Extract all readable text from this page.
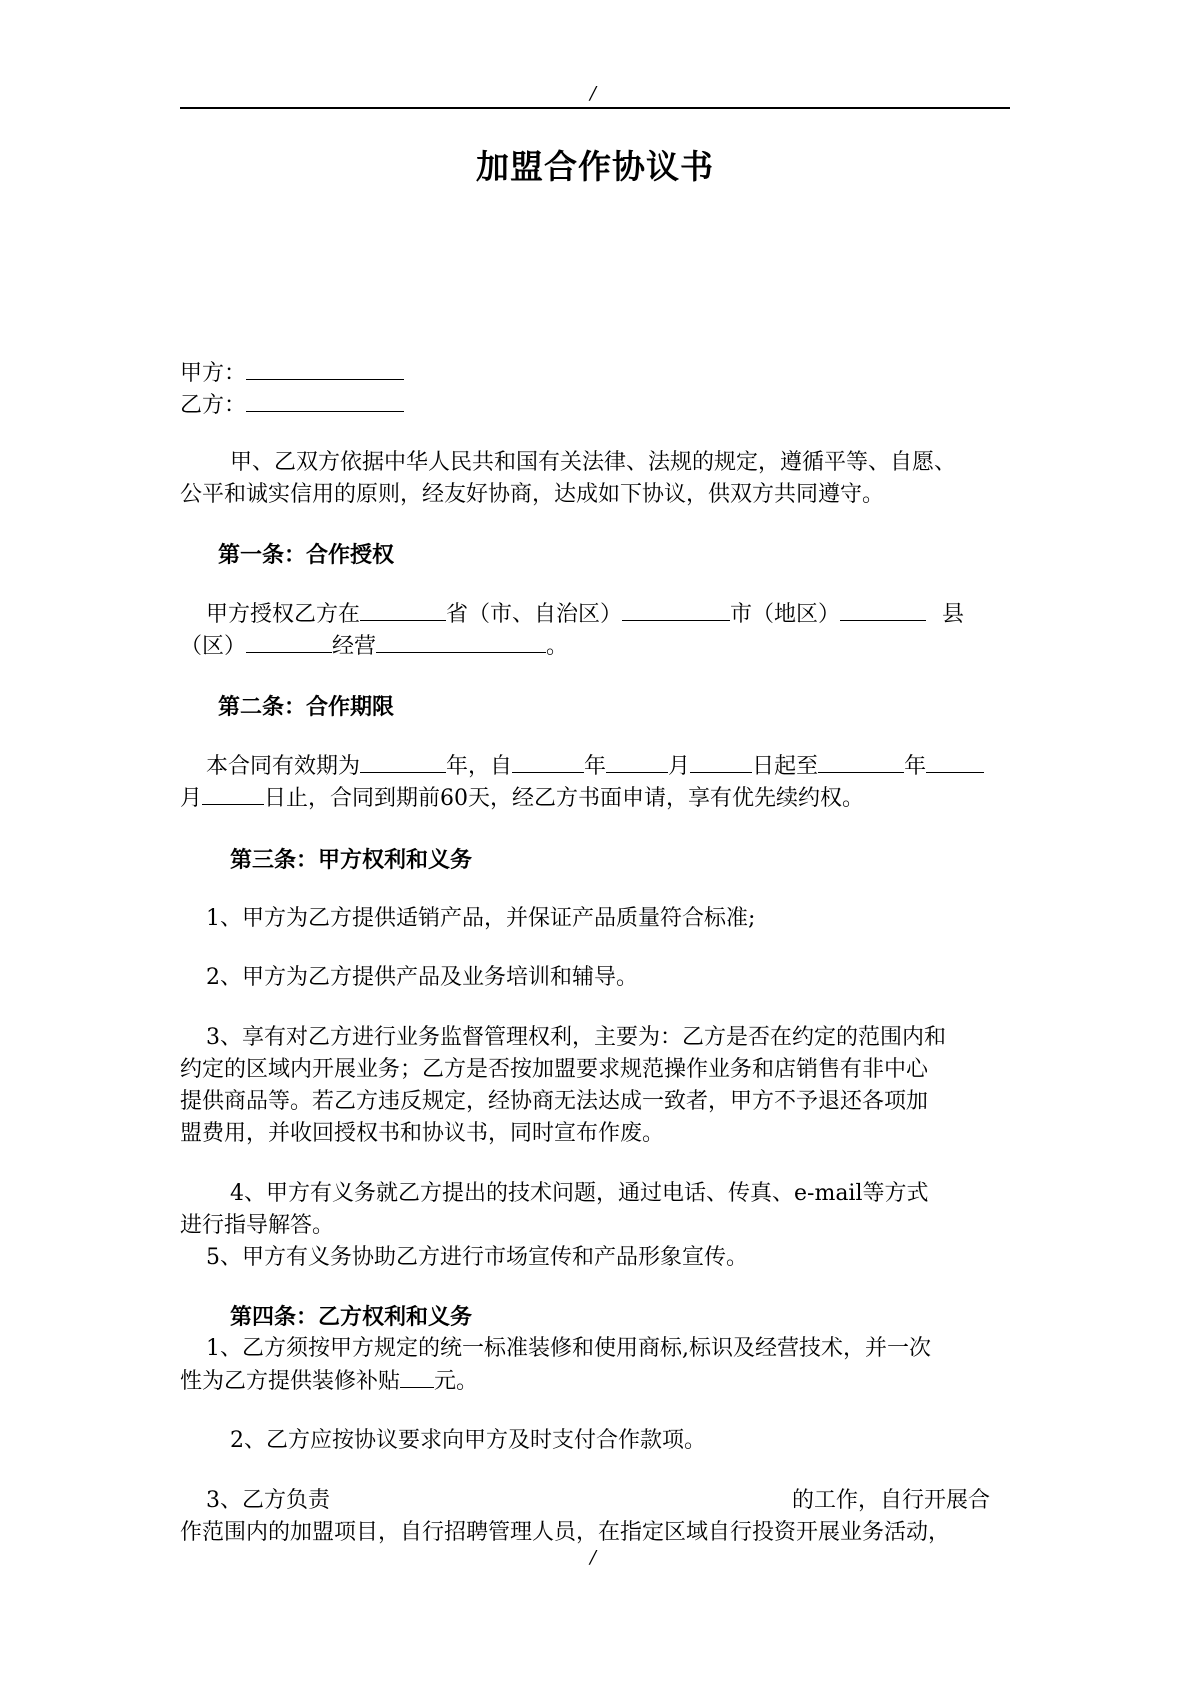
/
加盟合作协议书
甲方：
乙方：
甲、乙双方依据中华人民共和国有关法律、法规的规定，遵循平等、自愿、
公平和诚实信用的原则，经友好协商，达成如下协议，供双方共同遵守。
第一条：合作授权
甲方授权乙方在	省（市、自治区）	市（地区）	县
（区）	经营	。
第二条：合作期限
本合同有效期为	年，自	年	月	日起至	年
月	日止，合同到期前60天，经乙方书面申请，享有优先续约权。
第三条：甲方权利和义务
1、甲方为乙方提供适销产品，并保证产品质量符合标准;
2、甲方为乙方提供产品及业务培训和辅导。
3、享有对乙方进行业务监督管理权利，主要为：乙方是否在约定的范围内和
约定的区域内开展业务；乙方是否按加盟要求规范操作业务和店销售有非中心
提供商品等。若乙方违反规定，经协商无法达成一致者，甲方不予退还各项加
盟费用，并收回授权书和协议书，同时宣布作废。
4、甲方有义务就乙方提出的技术问题，通过电话、传真、e-mail等方式
进行指导解答。
5、甲方有义务协助乙方进行市场宣传和产品形象宣传。
第四条：乙方权利和义务
1、乙方须按甲方规定的统一标准装修和使用商标,标识及经营技术，并一次
性为乙方提供装修补贴 元。
2、乙方应按协议要求向甲方及时支付合作款项。
3、乙方负责	的工作，自行开展合
作范围内的加盟项目，自行招聘管理人员，在指定区域自行投资开展业务活动，
/
